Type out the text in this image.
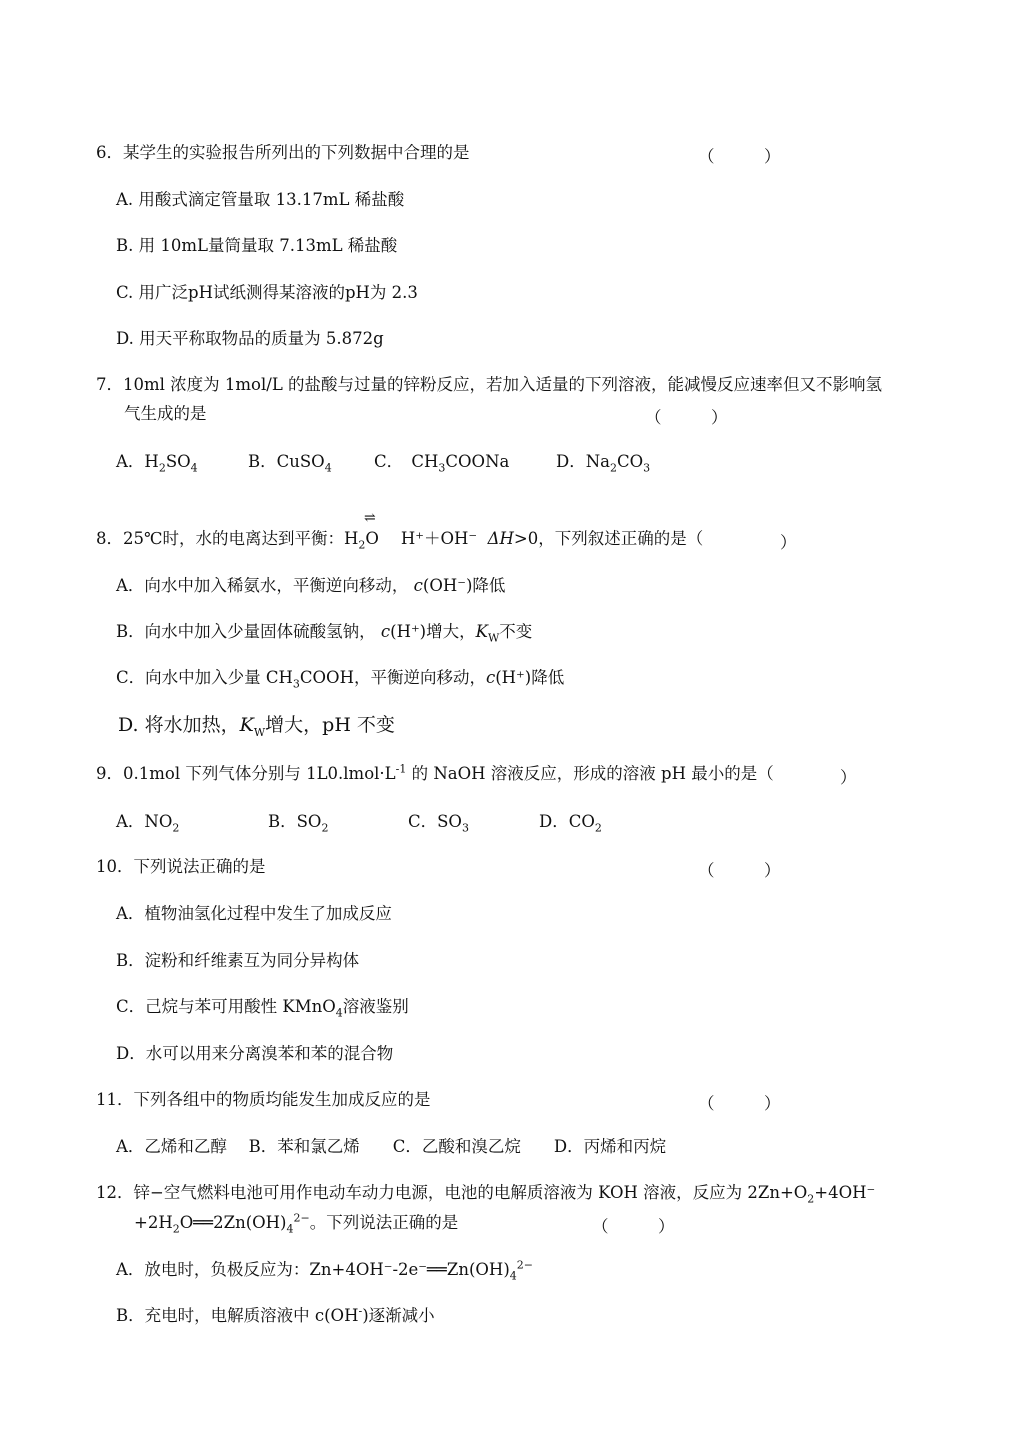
6．某学生的实验报告所列出的下列数据中合理的是	（　　　）
A. 用酸式滴定管量取 13.17mL 稀盐酸
B. 用 10mL量筒量取 7.13mL 稀盐酸
C. 用广泛pH试纸测得某溶液的pH为 2.3
D. 用天平称取物品的质量为 5.872g
7．10ml 浓度为 1mol/L 的盐酸与过量的锌粉反应，若加入适量的下列溶液，能减慢反应速率但又不影响氢
气生成的是	（　　　）
A．$H_2SO_4$	B．CuSO$_4$	C．　$CH_3COONa$	D．$Na_2CO_3$
⇌
8．25℃时，水的电离达到平衡：$H_2O$ H⁺＋OH⁻ ΔH>0，下列叙述正确的是（	）
A．向水中加入稀氨水，平衡逆向移动， c(OH⁻)降低
B．向水中加入少量固体硫酸氢钠， c(H⁺)增大，$K_W$不变
C．向水中加入少量 $CH_3COOH$，平衡逆向移动，c(H⁺)降低
D. 将水加热，$K_W$增大，pH 不变
9．0.1mol 下列气体分别与 $1L0.lmol\cdot L^{-1}$ 的 NaOH 溶液反应，形成的溶液 pH 最小的是（	）
A．$NO_2$	B．$SO_2$	C．$SO_3$	D．$CO_2$
10．下列说法正确的是	（　　　）
A．植物油氢化过程中发生了加成反应
B．淀粉和纤维素互为同分异构体
C．己烷与苯可用酸性 KMnO$_4$溶液鉴别
D．水可以用来分离溴苯和苯的混合物
11．下列各组中的物质均能发生加成反应的是	（　　　）
A．乙烯和乙醇　 B．苯和氯乙烯　　C．乙酸和溴乙烷　　D．丙烯和丙烷
12．锌−空气燃料电池可用作电动车动力电源，电池的电解质溶液为 KOH 溶液，反应为 $2Zn+O_2+4OH^-$
$+2H_2O══2Zn(OH)_4^{2-}$。下列说法正确的是	（　　　）
A．放电时，负极反应为：$Zn+4OH^--2e^-══Zn(OH)_4^{2-}$
B．充电时，电解质溶液中 c(OH-)逐渐减小
